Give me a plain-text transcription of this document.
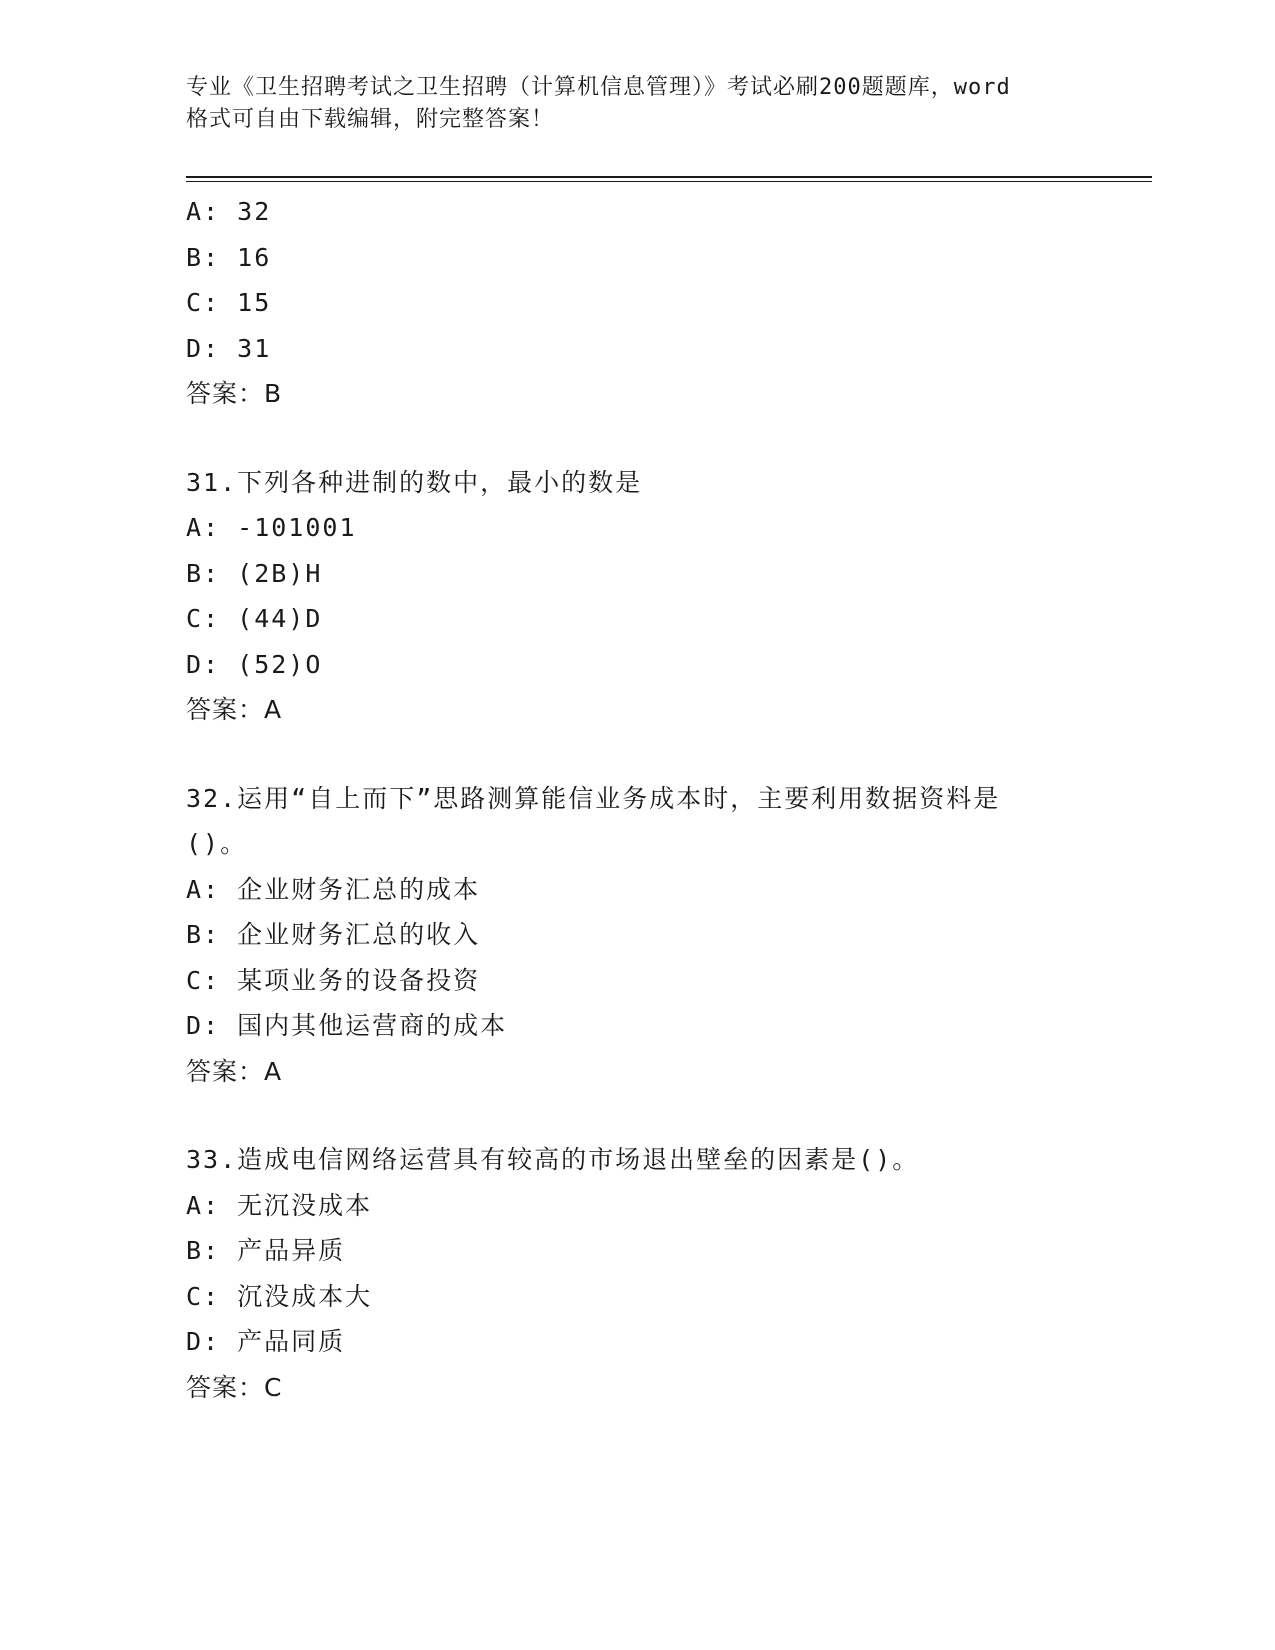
专业《卫生招聘考试之卫生招聘（计算机信息管理）》考试必刷200题题库，word
格式可自由下载编辑，附完整答案！
A: 32
B: 16
C: 15
D: 31
答案：B
31.下列各种进制的数中，最小的数是
A: -101001
B: (2B)H
C: (44)D
D: (52)O
答案：A
32.运用“自上而下”思路测算能信业务成本时，主要利用数据资料是
()。
A: 企业财务汇总的成本
B: 企业财务汇总的收入
C: 某项业务的设备投资
D: 国内其他运营商的成本
答案：A
33.造成电信网络运营具有较高的市场退出壁垒的因素是()。
A: 无沉没成本
B: 产品异质
C: 沉没成本大
D: 产品同质
答案：C
